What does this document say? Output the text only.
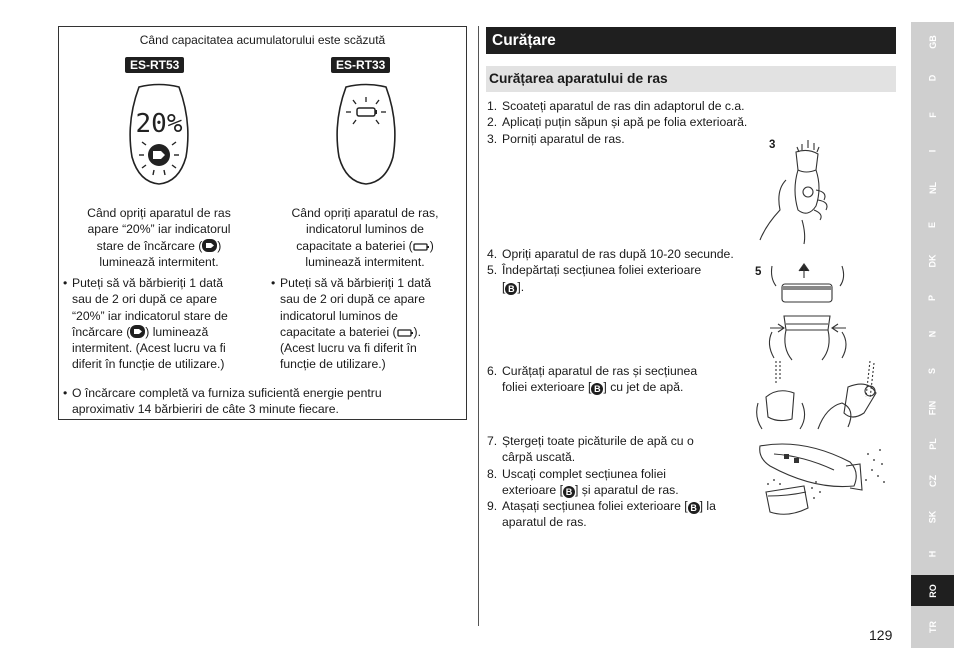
Când capacitatea acumulatorului este scăzută
ES-RT53	ES-RT33
20%
Când opriți aparatul de ras
apare “20%” iar indicatorul
stare de încărcare ( )
luminează intermitent.
Când opriți aparatul de ras,
indicatorul luminos de
capacitate a bateriei ( )
luminează intermitent.
• Puteți să vă bărbieriți 1 dată
sau de 2 ori după ce apare
“20%” iar indicatorul stare de
încărcare ( ) luminează
intermitent. (Acest lucru va fi
diferit în funcție de utilizare.)
• Puteți să vă bărbieriți 1 dată
sau de 2 ori după ce apare
indicatorul luminos de
capacitate a bateriei ( ).
(Acest lucru va fi diferit în
funcție de utilizare.)
• O încărcare completă va furniza suficientă energie pentru
aproximativ 14 bărbieriri de câte 3 minute fiecare.
Curățare
Curățarea aparatului de ras
1. Scoateți aparatul de ras din adaptorul de c.a.
2. Aplicați puțin săpun și apă pe folia exterioară.
3. Porniți aparatul de ras.
4. Opriți aparatul de ras după 10-20 secunde.
5. Îndepărtați secțiunea foliei exterioare
[ B ].
6. Curățați aparatul de ras și secțiunea
foliei exterioare [ B ] cu jet de apă.
7. Ștergeți toate picăturile de apă cu o
cârpă uscată.
8. Uscați complet secțiunea foliei
exterioare [ B ] și aparatul de ras.
9. Atașați secțiunea foliei exterioare [ B ] la
aparatul de ras.
3
5
GB
D
F
I
NL
E
DK
P
N
S
FIN
PL
CZ
SK
H
RO
TR
129
